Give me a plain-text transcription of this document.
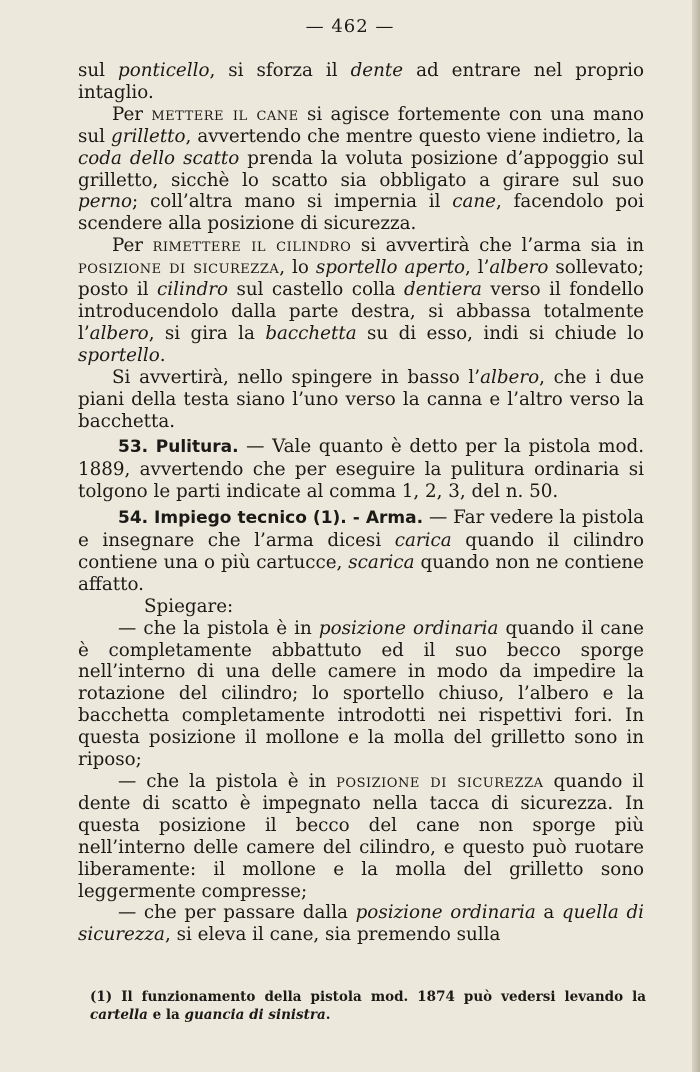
— 462 —

sul ponticello, si sforza il dente ad entrare nel proprio intaglio.

Per mettere il cane si agisce fortemente con una mano sul grilletto, avvertendo che mentre questo viene indietro, la coda dello scatto prenda la voluta posizione d’appoggio sul grilletto, sicchè lo scatto sia obbligato a girare sul suo perno; coll’altra mano si impernia il cane, facendolo poi scendere alla posizione di sicurezza.

Per rimettere il cilindro si avvertirà che l’arma sia in posizione di sicurezza, lo sportello aperto, l’albero sollevato; posto il cilindro sul castello colla dentiera verso il fondello introducendolo dalla parte destra, si abbassa totalmente l’albero, si gira la bacchetta su di esso, indi si chiude lo sportello.

Si avvertirà, nello spingere in basso l’albero, che i due piani della testa siano l’uno verso la canna e l’altro verso la bacchetta.

53. Pulitura. — Vale quanto è detto per la pistola mod. 1889, avvertendo che per eseguire la pulitura ordinaria si tolgono le parti indicate al comma 1, 2, 3, del n. 50.

54. Impiego tecnico (1). - Arma. — Far vedere la pistola e insegnare che l’arma dicesi carica quando il cilindro contiene una o più cartucce, scarica quando non ne contiene affatto.

Spiegare:

— che la pistola è in posizione ordinaria quando il cane è completamente abbattuto ed il suo becco sporge nell’interno di una delle camere in modo da impedire la rotazione del cilindro; lo sportello chiuso, l’albero e la bacchetta completamente introdotti nei rispettivi fori. In questa posizione il mollone e la molla del grilletto sono in riposo;

— che la pistola è in posizione di sicurezza quando il dente di scatto è impegnato nella tacca di sicurezza. In questa posizione il becco del cane non sporge più nell’interno delle camere del cilindro, e questo può ruotare liberamente: il mollone e la molla del grilletto sono leggermente compresse;

— che per passare dalla posizione ordinaria a quella di sicurezza, si eleva il cane, sia premendo sulla

(1) Il funzionamento della pistola mod. 1874 può vedersi levando la cartella e la guancia di sinistra.
